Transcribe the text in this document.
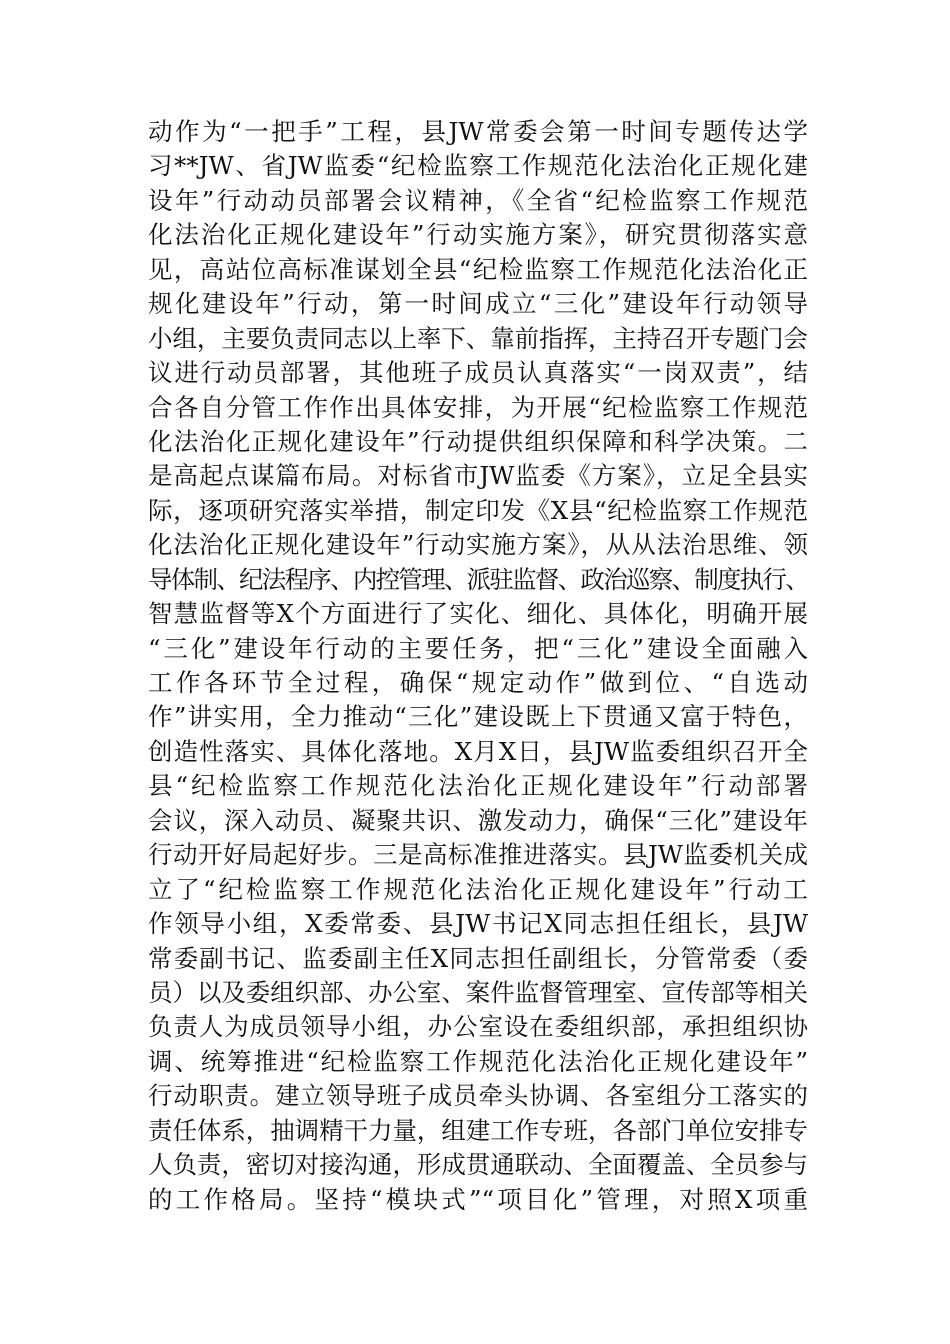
动作为“一把手”工程，县JW常委会第一时间专题传达学
习**JW、省JW监委“纪检监察工作规范化法治化正规化建
设年”行动动员部署会议精神，《全省“纪检监察工作规范
化法治化正规化建设年”行动实施方案》，研究贯彻落实意
见，高站位高标准谋划全县“纪检监察工作规范化法治化正
规化建设年”行动，第一时间成立“三化”建设年行动领导
小组，主要负责同志以上率下、靠前指挥，主持召开专题门会
议进行动员部署，其他班子成员认真落实“一岗双责”，结
合各自分管工作作出具体安排，为开展“纪检监察工作规范
化法治化正规化建设年”行动提供组织保障和科学决策。二
是高起点谋篇布局。对标省市JW监委《方案》，立足全县实
际，逐项研究落实举措，制定印发《X县“纪检监察工作规范
化法治化正规化建设年”行动实施方案》，从从法治思维、领
导体制、纪法程序、内控管理、派驻监督、政治巡察、制度执行、
智慧监督等X个方面进行了实化、细化、具体化，明确开展
“三化”建设年行动的主要任务，把“三化”建设全面融入
工作各环节全过程，确保“规定动作”做到位、“自选动
作”讲实用，全力推动“三化”建设既上下贯通又富于特色，
创造性落实、具体化落地。X月X日，县JW监委组织召开全
县“纪检监察工作规范化法治化正规化建设年”行动部署
会议，深入动员、凝聚共识、激发动力，确保“三化”建设年
行动开好局起好步。三是高标准推进落实。县JW监委机关成
立了“纪检监察工作规范化法治化正规化建设年”行动工
作领导小组，X委常委、县JW书记X同志担任组长，县JW
常委副书记、监委副主任X同志担任副组长，分管常委（委
员）以及委组织部、办公室、案件监督管理室、宣传部等相关
负责人为成员领导小组，办公室设在委组织部，承担组织协
调、统筹推进“纪检监察工作规范化法治化正规化建设年”
行动职责。建立领导班子成员牵头协调、各室组分工落实的
责任体系，抽调精干力量，组建工作专班，各部门单位安排专
人负责，密切对接沟通，形成贯通联动、全面覆盖、全员参与
的工作格局。坚持“模块式”“项目化”管理，对照X项重
